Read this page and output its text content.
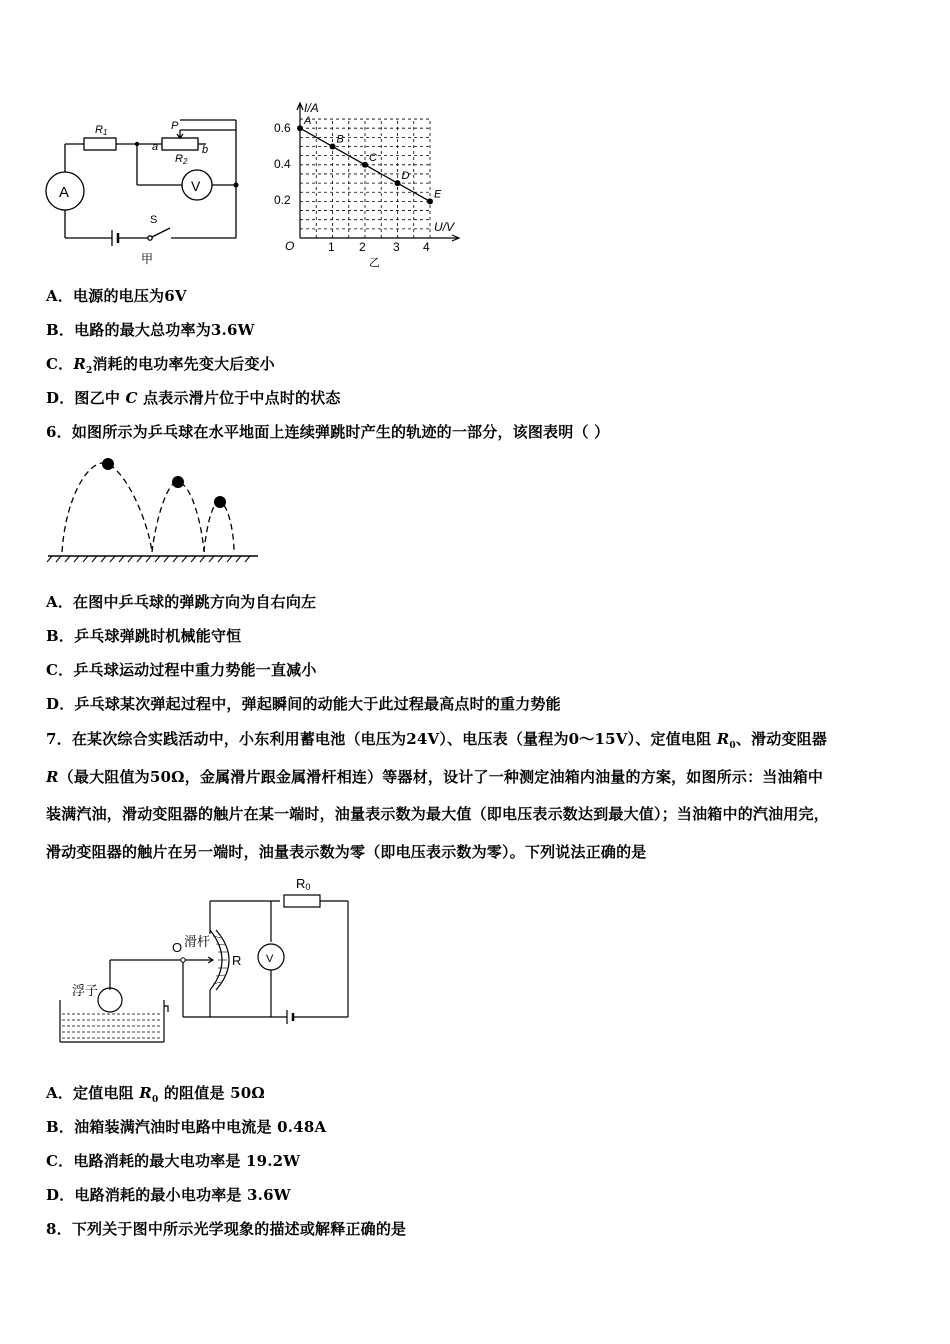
A	V
R1
R2
P
a	b
S
甲
A
B
C
D
E
I/A
U/V
O
0.6
0.4
0.2
1 2 3 4
乙
A．电源的电压为6V
B．电路的最大总功率为3.6W
C．$R_2$消耗的电功率先变大后变小
D．图乙中 C 点表示滑片位于中点时的状态
6．如图所示为乒乓球在水平地面上连续弹跳时产生的轨迹的一部分，该图表明（ ）
A．在图中乒乓球的弹跳方向为自右向左
B．乒乓球弹跳时机械能守恒
C．乒乓球运动过程中重力势能一直减小
D．乒乓球某次弹起过程中，弹起瞬间的动能大于此过程最高点时的重力势能
7．在某次综合实践活动中，小东利用蓄电池（电压为24V）、电压表（量程为0～15V）、定值电阻 $R_0$、滑动变阻器
R（最大阻值为50Ω，金属滑片跟金属滑杆相连）等器材，设计了一种测定油箱内油量的方案，如图所示：当油箱中
装满汽油，滑动变阻器的触片在某一端时，油量表示数为最大值（即电压表示数达到最大值）；当油箱中的汽油用完，
滑动变阻器的触片在另一端时，油量表示数为零（即电压表示数为零）。下列说法正确的是
R0
O 滑杆
R V
浮子
A．定值电阻 $R_0$ 的阻值是 50Ω
B．油箱装满汽油时电路中电流是 0.48A
C．电路消耗的最大电功率是 19.2W
D．电路消耗的最小电功率是 3.6W
8．下列关于图中所示光学现象的描述或解释正确的是
